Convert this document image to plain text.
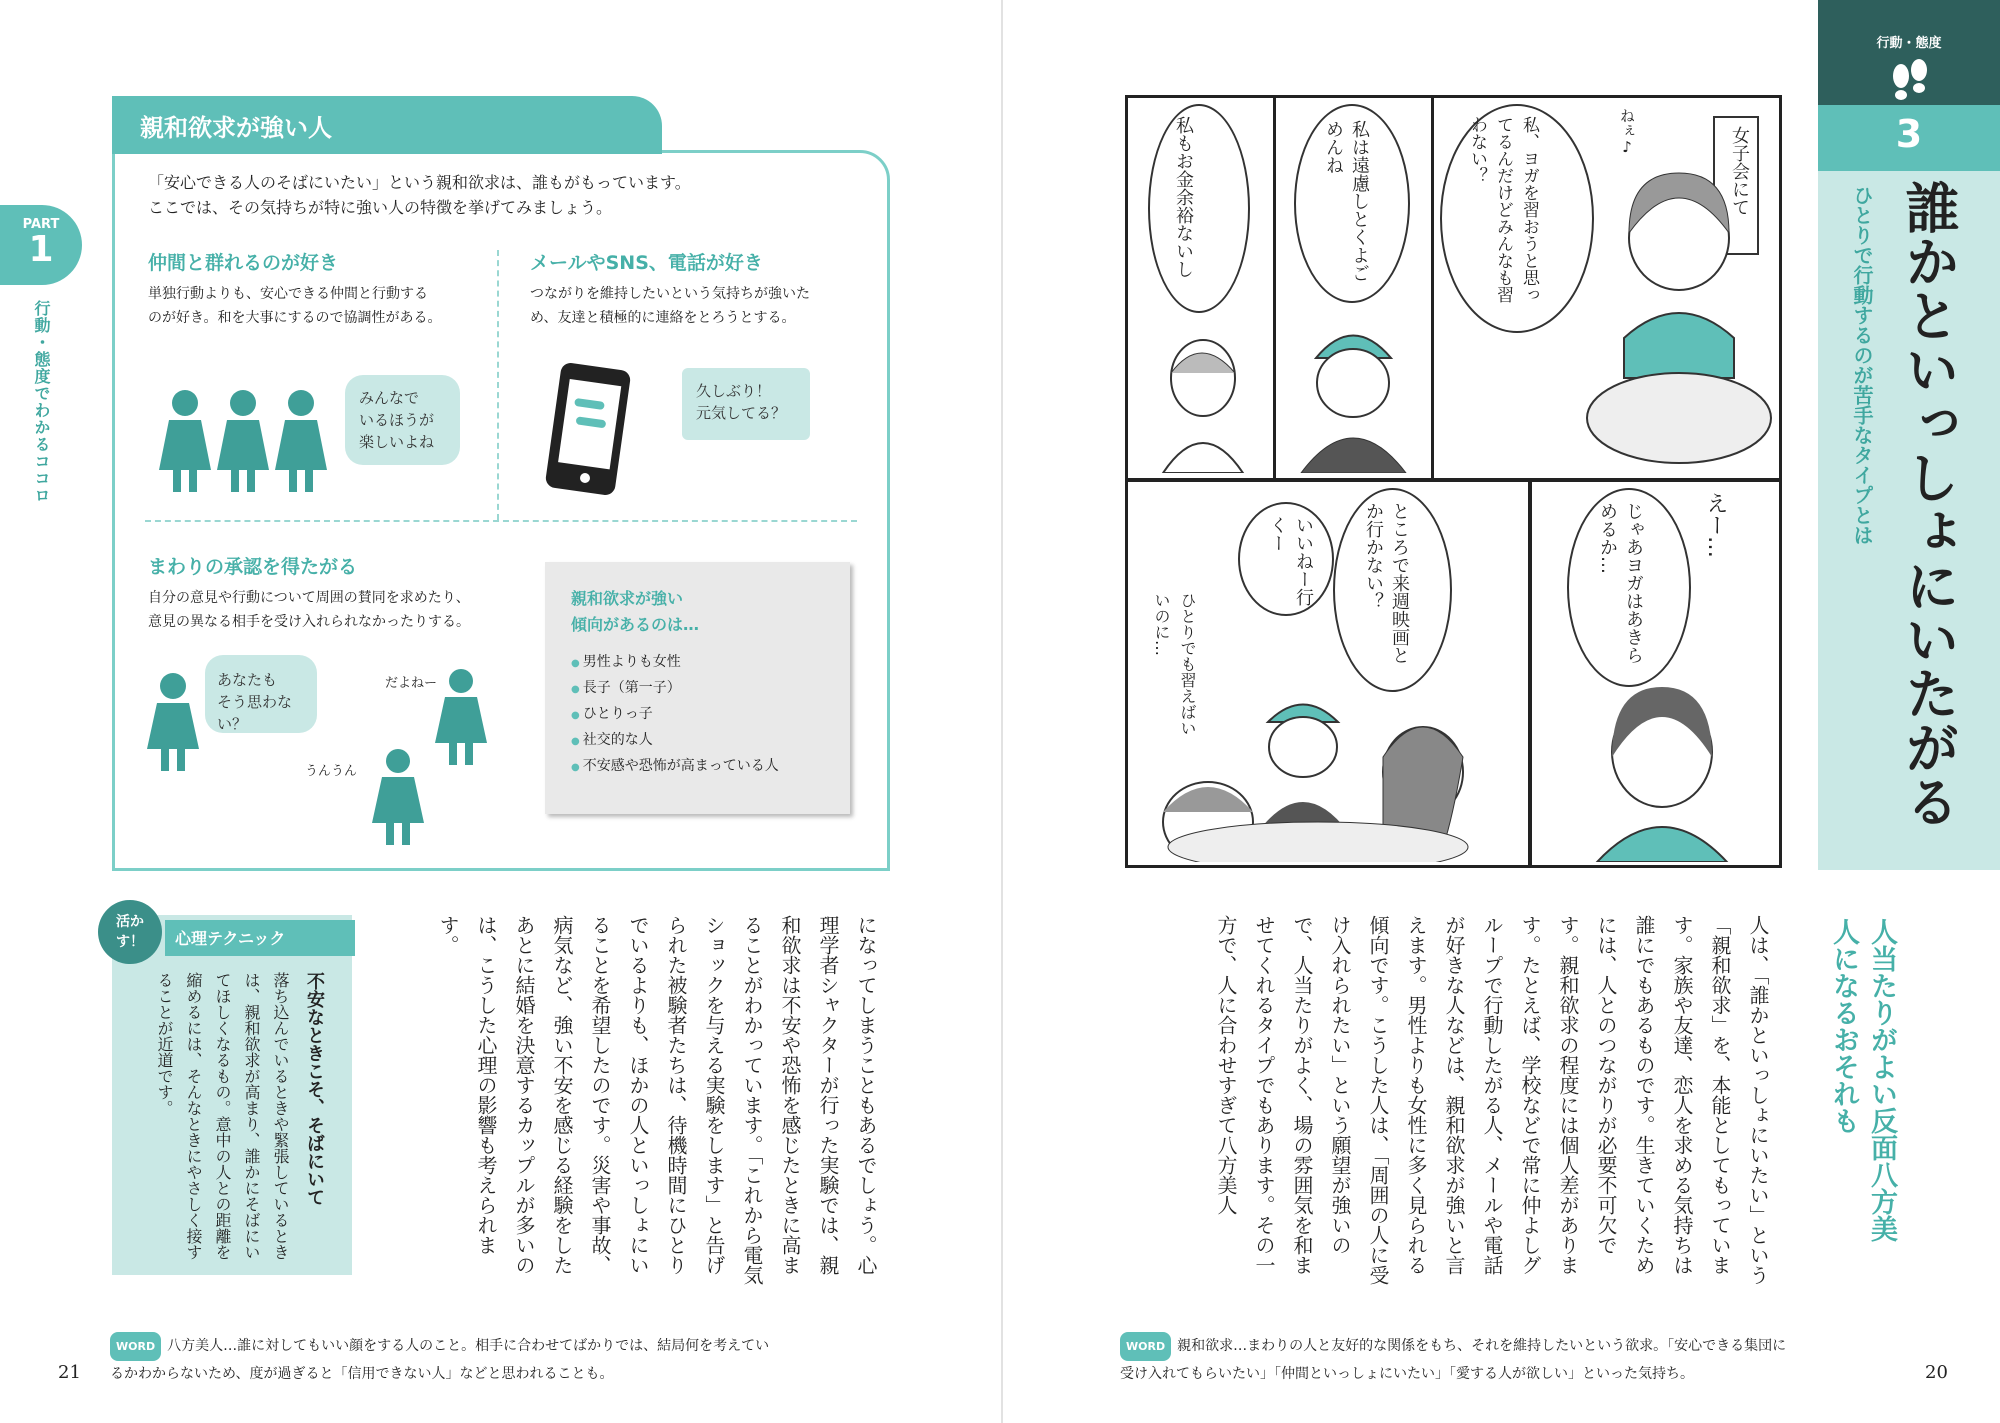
PART
1
行動・態度でわかるココロ
親和欲求が強い人
「安心できる人のそばにいたい」という親和欲求は、誰もがもっています。
ここでは、その気持ちが特に強い人の特徴を挙げてみましょう。
仲間と群れるのが好き
単独行動よりも、安心できる仲間と行動する
のが好き。和を大事にするので協調性がある。
みんなで
いるほうが
楽しいよね
メールやSNS、電話が好き
つながりを維持したいという気持ちが強いた
め、友達と積極的に連絡をとろうとする。
久しぶり！
元気してる？
まわりの承認を得たがる
自分の意見や行動について周囲の賛同を求めたり、
意見の異なる相手を受け入れられなかったりする。
あなたも
そう思わない？
だよねー
うんうん
親和欲求が強い
傾向があるのは…
● 男性よりも女性
● 長子（第一子）
● ひとりっ子
● 社交的な人
● 不安感や恐怖が高まっている人
心理テクニック
活かす！
不安なときこそ、そばにいて
落ち込んでいるときや緊張しているときは、親和欲求が高まり、誰かにそばにいてほしくなるもの。意中の人との距離を縮めるには、そんなときにやさしく接することが近道です。	になってしまうこともあるでしょう。心理学者シャクターが行った実験では、親和欲求は不安や恐怖を感じたときに高まることがわかっています。「これから電気ショックを与える実験をします」と告げられた被験者たちは、待機時間にひとりでいるよりも、ほかの人といっしょにいることを希望したのです。災害や事故、病気など、強い不安を感じる経験をしたあとに結婚を決意するカップルが多いのは、こうした心理の影響も考えられます。
WORD 八方美人…誰に対してもいい顔をする人のこと。相手に合わせてばかりでは、結局何を考えてい
るかわからないため、度が過ぎると「信用できない人」などと思われることも。
21
行動・態度
3
誰かといっしょにいたがる
ひとりで行動するのが苦手なタイプとは
私もお金余裕ないし	私は遠慮しとくよごめんね	女子会にて
私、ヨガを習おうと思ってるんだけどみんなも習わない？	ねぇ♪
いいねー行くー	ところで来週映画とか行かない？
ひとりでも習えばいいのに…
えー…
じゃあヨガはあきらめるか…
人当たりがよい反面八方美人になるおそれも
人は、「誰かといっしょにいたい」という「親和欲求」を、本能としてもっています。家族や友達、恋人を求める気持ちは誰にでもあるものです。生きていくためには、人とのつながりが必要不可欠です。親和欲求の程度には個人差があります。たとえば、学校などで常に仲よしグループで行動したがる人、メールや電話が好きな人などは、親和欲求が強いと言えます。男性よりも女性に多く見られる傾向です。こうした人は、「周囲の人に受け入れられたい」という願望が強いので、人当たりがよく、場の雰囲気を和ませてくれるタイプでもあります。その一方で、人に合わせすぎて八方美人
WORD 親和欲求…まわりの人と友好的な関係をもち、それを維持したいという欲求。「安心できる集団に
受け入れてもらいたい」「仲間といっしょにいたい」「愛する人が欲しい」といった気持ち。	20
